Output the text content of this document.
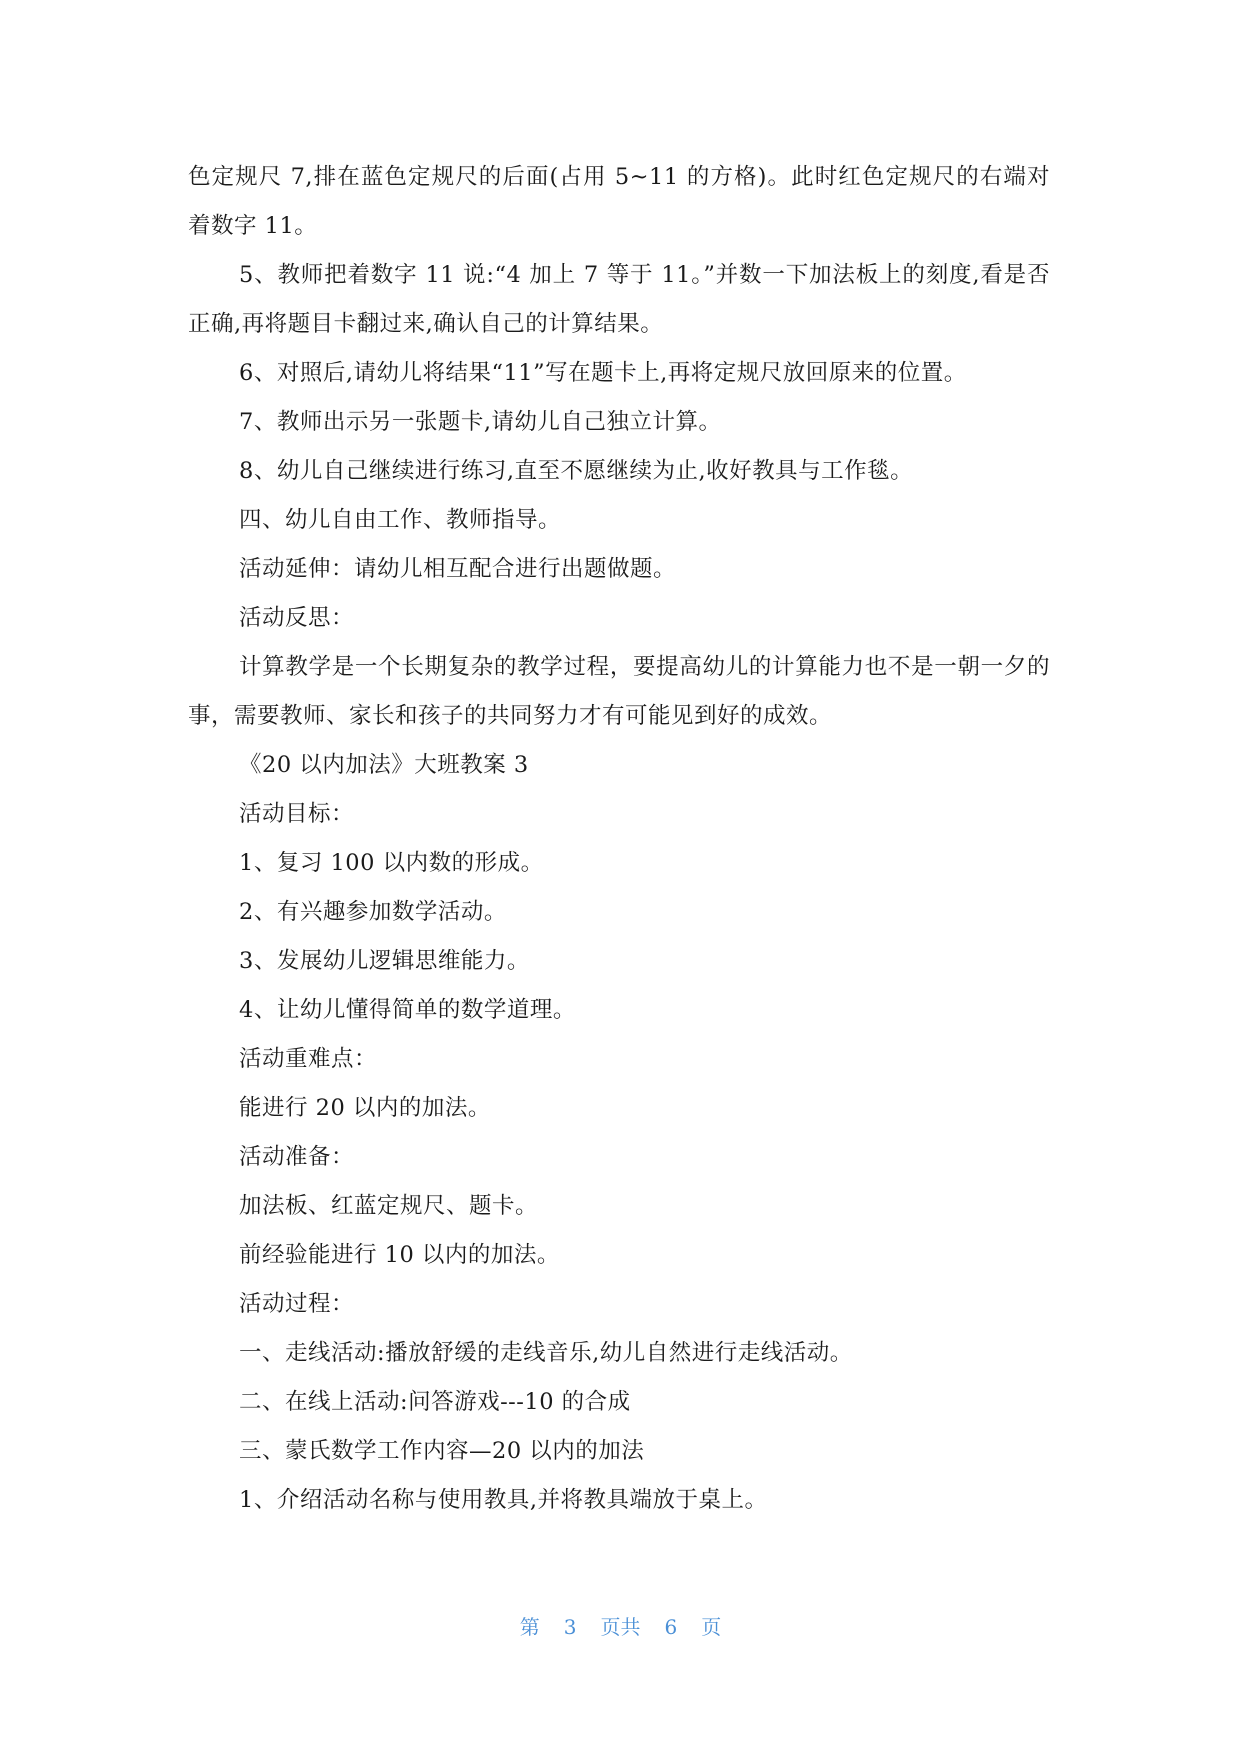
色定规尺 7,排在蓝色定规尺的后面(占用 5~11 的方格)。此时红色定规尺的右端对着数字 11。

5、教师把着数字 11 说:“4 加上 7 等于 11。”并数一下加法板上的刻度,看是否正确,再将题目卡翻过来,确认自己的计算结果。

6、对照后,请幼儿将结果“11”写在题卡上,再将定规尺放回原来的位置。

7、教师出示另一张题卡,请幼儿自己独立计算。

8、幼儿自己继续进行练习,直至不愿继续为止,收好教具与工作毯。

四、幼儿自由工作、教师指导。

活动延伸：请幼儿相互配合进行出题做题。

活动反思：

计算教学是一个长期复杂的教学过程，要提高幼儿的计算能力也不是一朝一夕的事，需要教师、家长和孩子的共同努力才有可能见到好的成效。

《20 以内加法》大班教案 3

活动目标：

1、复习 100 以内数的形成。

2、有兴趣参加数学活动。

3、发展幼儿逻辑思维能力。

4、让幼儿懂得简单的数学道理。

活动重难点：

能进行 20 以内的加法。

活动准备：

加法板、红蓝定规尺、题卡。

前经验能进行 10 以内的加法。

活动过程：

一、走线活动:播放舒缓的走线音乐,幼儿自然进行走线活动。

二、在线上活动:问答游戏---10 的合成

三、蒙氏数学工作内容—20 以内的加法

1、介绍活动名称与使用教具,并将教具端放于桌上。

第 3 页共 6 页
